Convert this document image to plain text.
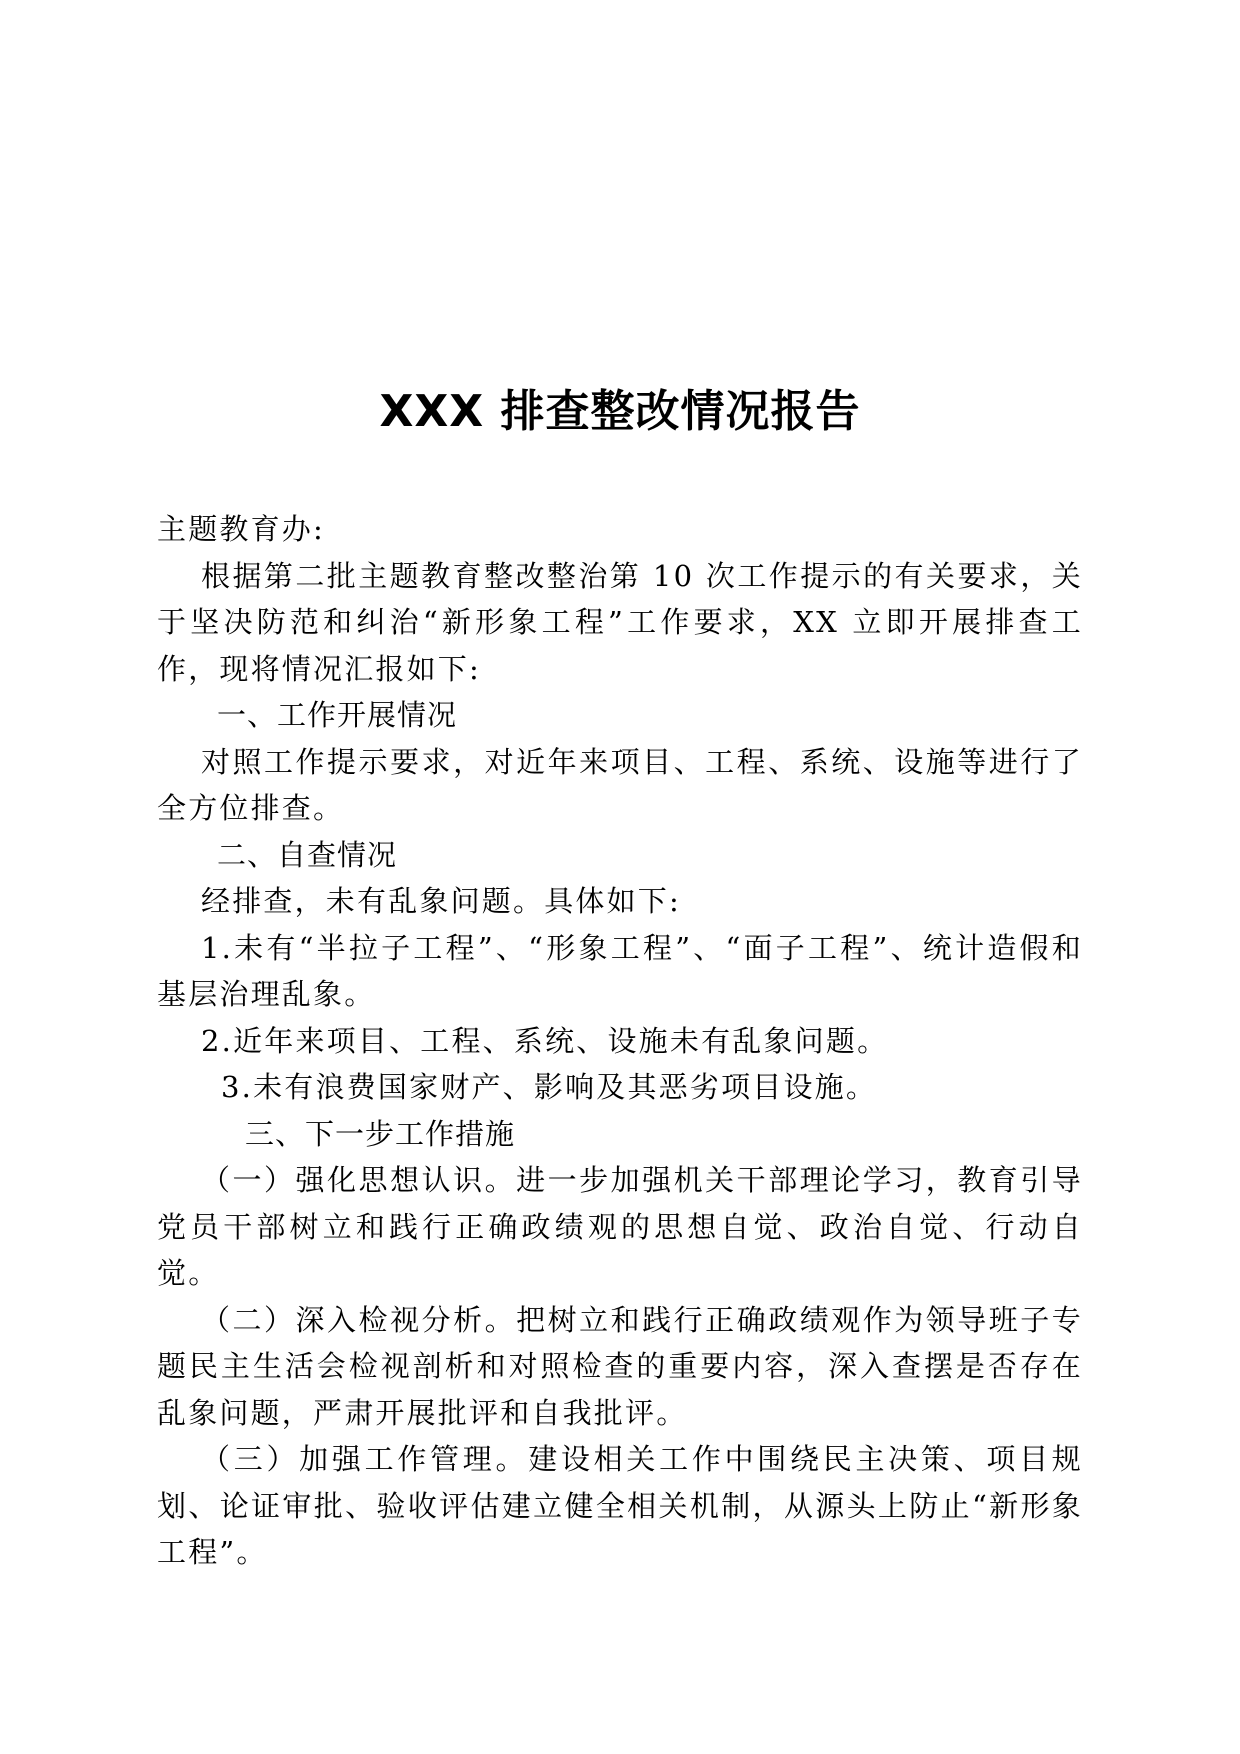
XXX 排查整改情况报告

主题教育办:

根据第二批主题教育整改整治第 10 次工作提示的有关要求，关于坚决防范和纠治“新形象工程”工作要求，XX 立即开展排查工作，现将情况汇报如下:

一、工作开展情况

对照工作提示要求，对近年来项目、工程、系统、设施等进行了全方位排查。

二、自查情况

经排查，未有乱象问题。具体如下:

1.未有“半拉子工程”、“形象工程”、“面子工程”、统计造假和基层治理乱象。

2.近年来项目、工程、系统、设施未有乱象问题。

3.未有浪费国家财产、影响及其恶劣项目设施。

三、下一步工作措施

（一）强化思想认识。进一步加强机关干部理论学习，教育引导党员干部树立和践行正确政绩观的思想自觉、政治自觉、行动自觉。

（二）深入检视分析。把树立和践行正确政绩观作为领导班子专题民主生活会检视剖析和对照检查的重要内容，深入查摆是否存在乱象问题，严肃开展批评和自我批评。

（三）加强工作管理。建设相关工作中围绕民主决策、项目规划、论证审批、验收评估建立健全相关机制，从源头上防止“新形象工程”。
